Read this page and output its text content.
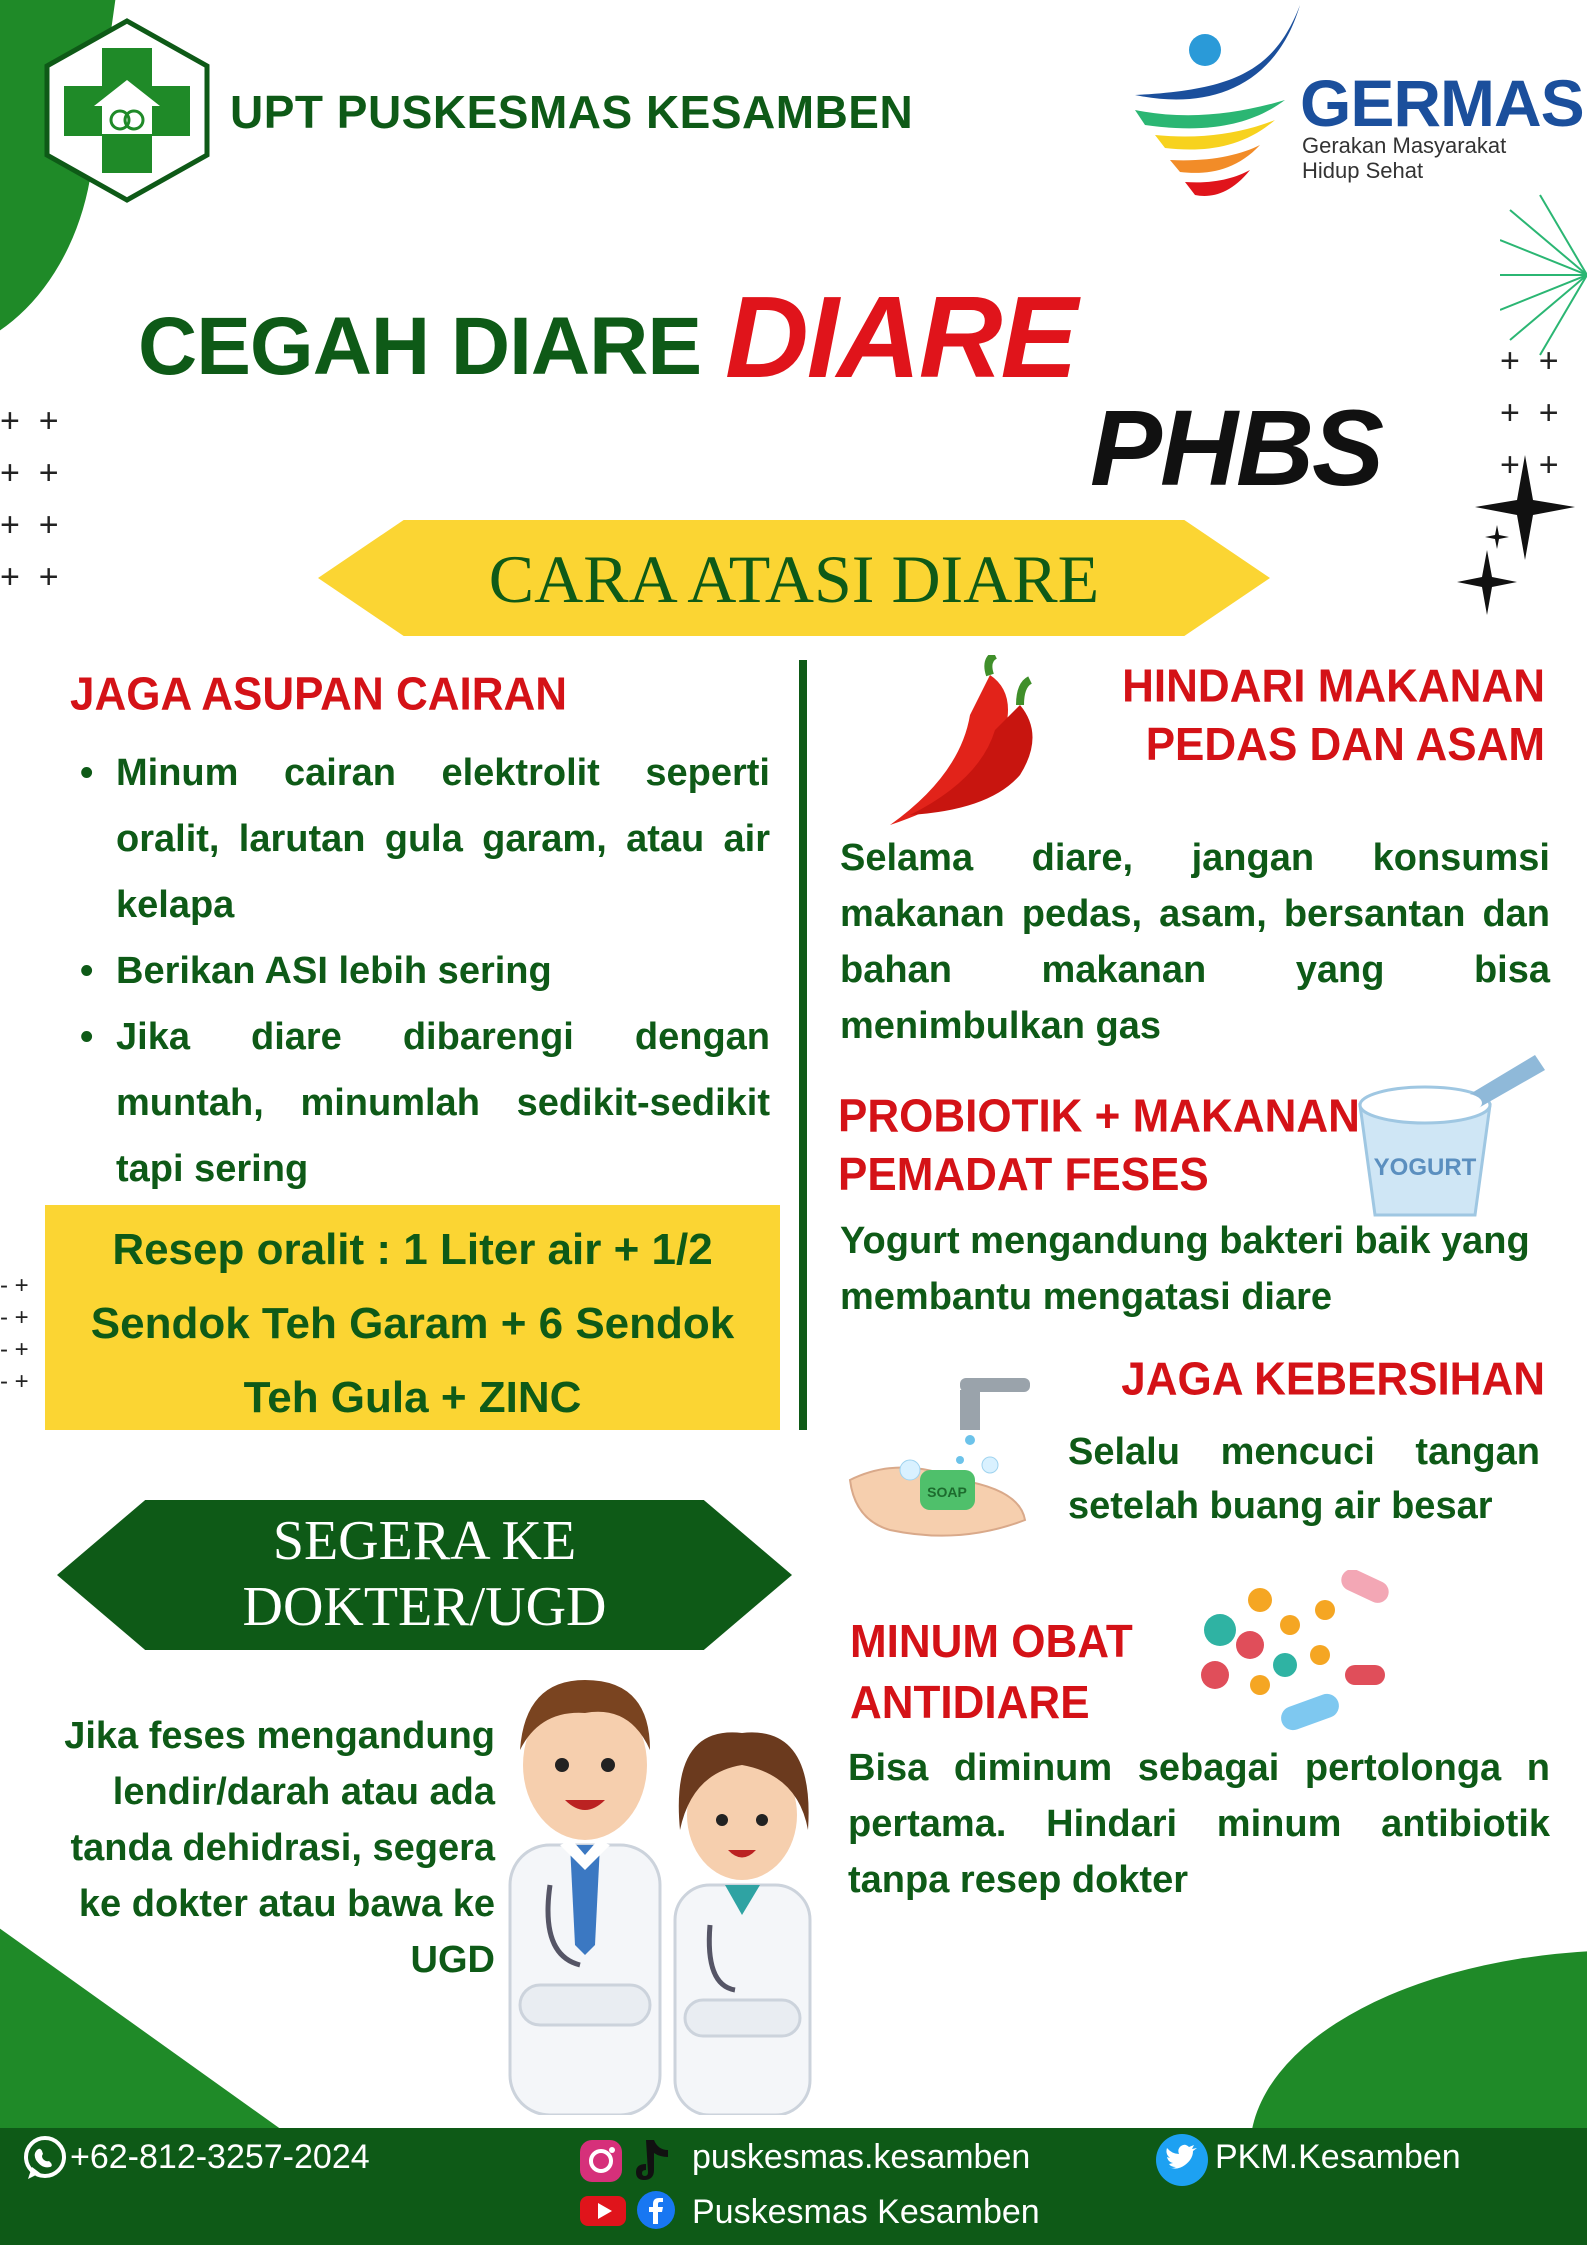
UPT PUSKESMAS KESAMBEN	GERMAS
Gerakan Masyarakat
Hidup Sehat
CEGAH DIARE DIARE
PHBS
+  +
+  +
+  +
+  +
+  +
+  +
+  +
- +
- +
- +
- +
CARA ATASI DIARE
JAGA ASUPAN CAIRAN
• Minum cairan elektrolit seperti oralit, larutan gula garam, atau air kelapa
• Berikan ASI lebih sering
• Jika diare dibarengi dengan muntah, minumlah sedikit-sedikit tapi sering
Resep oralit : 1 Liter air + 1/2
Sendok Teh Garam + 6 Sendok
Teh Gula + ZINC
SEGERA KE
DOKTER/UGD
Jika feses mengandung lendir/darah atau ada tanda dehidrasi, segera ke dokter atau bawa ke UGD
HINDARI MAKANAN
PEDAS DAN ASAM
Selama diare, jangan konsumsi makanan pedas, asam, bersantan dan bahan makanan yang bisa menimbulkan gas
PROBIOTIK + MAKANAN
PEMADAT FESES	YOGURT
Yogurt mengandung bakteri baik yang membantu mengatasi diare
SOAP
JAGA KEBERSIHAN
Selalu mencuci tangan setelah buang air besar
MINUM OBAT
ANTIDIARE
Bisa diminum sebagai pertolonga n pertama. Hindari minum antibiotik tanpa resep dokter
+62-812-3257-2024	puskesmas.kesamben
Puskesmas Kesamben
PKM.Kesamben
